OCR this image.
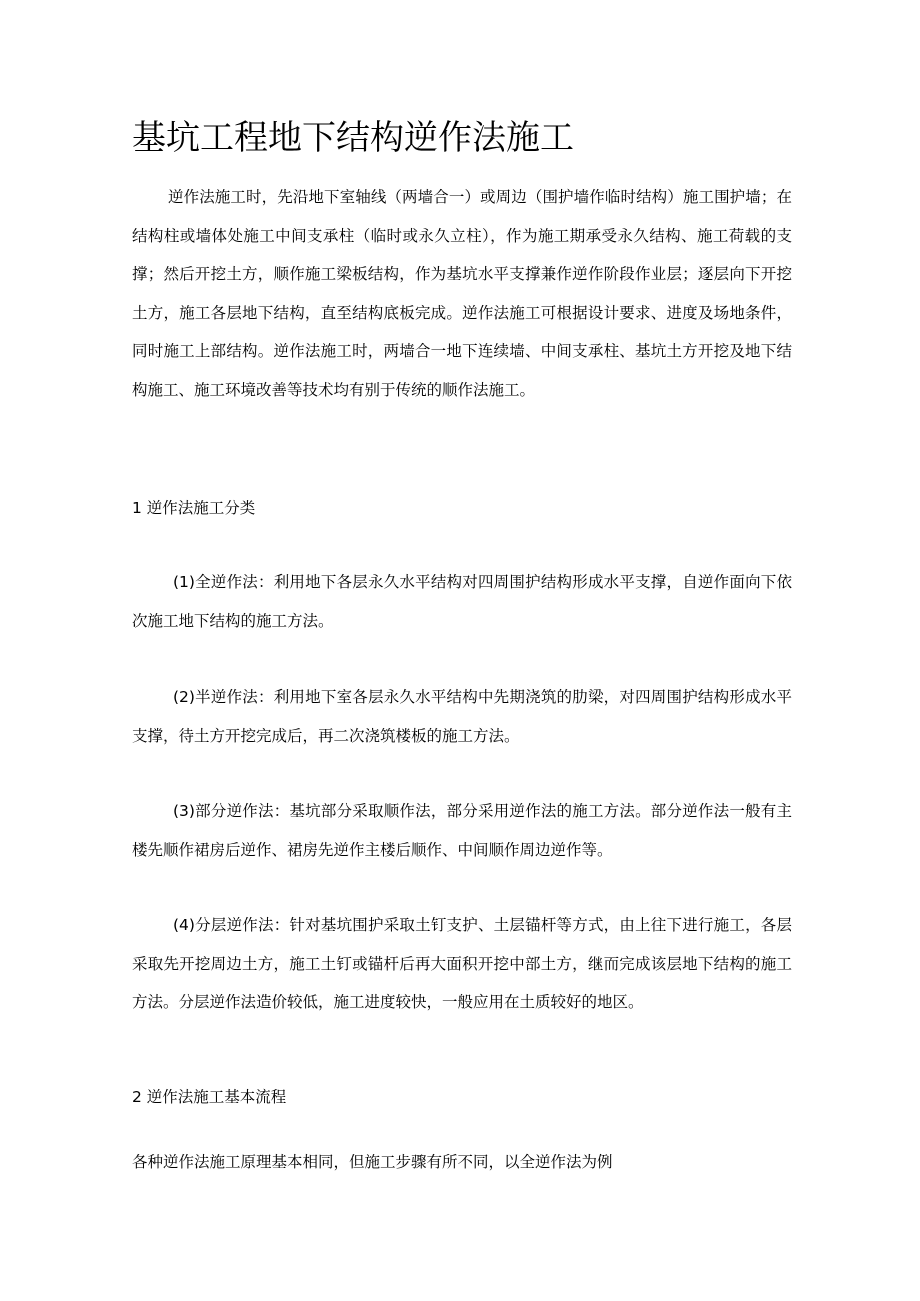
基坑工程地下结构逆作法施工

逆作法施工时，先沿地下室轴线（两墙合一）或周边（围护墙作临时结构）施工围护墙；在结构柱或墙体处施工中间支承柱（临时或永久立柱），作为施工期承受永久结构、施工荷载的支撑；然后开挖土方，顺作施工梁板结构，作为基坑水平支撑兼作逆作阶段作业层；逐层向下开挖土方，施工各层地下结构，直至结构底板完成。逆作法施工可根据设计要求、进度及场地条件，同时施工上部结构。逆作法施工时，两墙合一地下连续墙、中间支承柱、基坑土方开挖及地下结构施工、施工环境改善等技术均有别于传统的顺作法施工。

1 逆作法施工分类

(1)全逆作法：利用地下各层永久水平结构对四周围护结构形成水平支撑，自逆作面向下依次施工地下结构的施工方法。

(2)半逆作法：利用地下室各层永久水平结构中先期浇筑的肋梁，对四周围护结构形成水平支撑，待土方开挖完成后，再二次浇筑楼板的施工方法。

(3)部分逆作法：基坑部分采取顺作法，部分采用逆作法的施工方法。部分逆作法一般有主楼先顺作裙房后逆作、裙房先逆作主楼后顺作、中间顺作周边逆作等。

(4)分层逆作法：针对基坑围护采取土钉支护、土层锚杆等方式，由上往下进行施工，各层采取先开挖周边土方，施工土钉或锚杆后再大面积开挖中部土方，继而完成该层地下结构的施工方法。分层逆作法造价较低，施工进度较快，一般应用在土质较好的地区。

2 逆作法施工基本流程

各种逆作法施工原理基本相同，但施工步骤有所不同，以全逆作法为例
